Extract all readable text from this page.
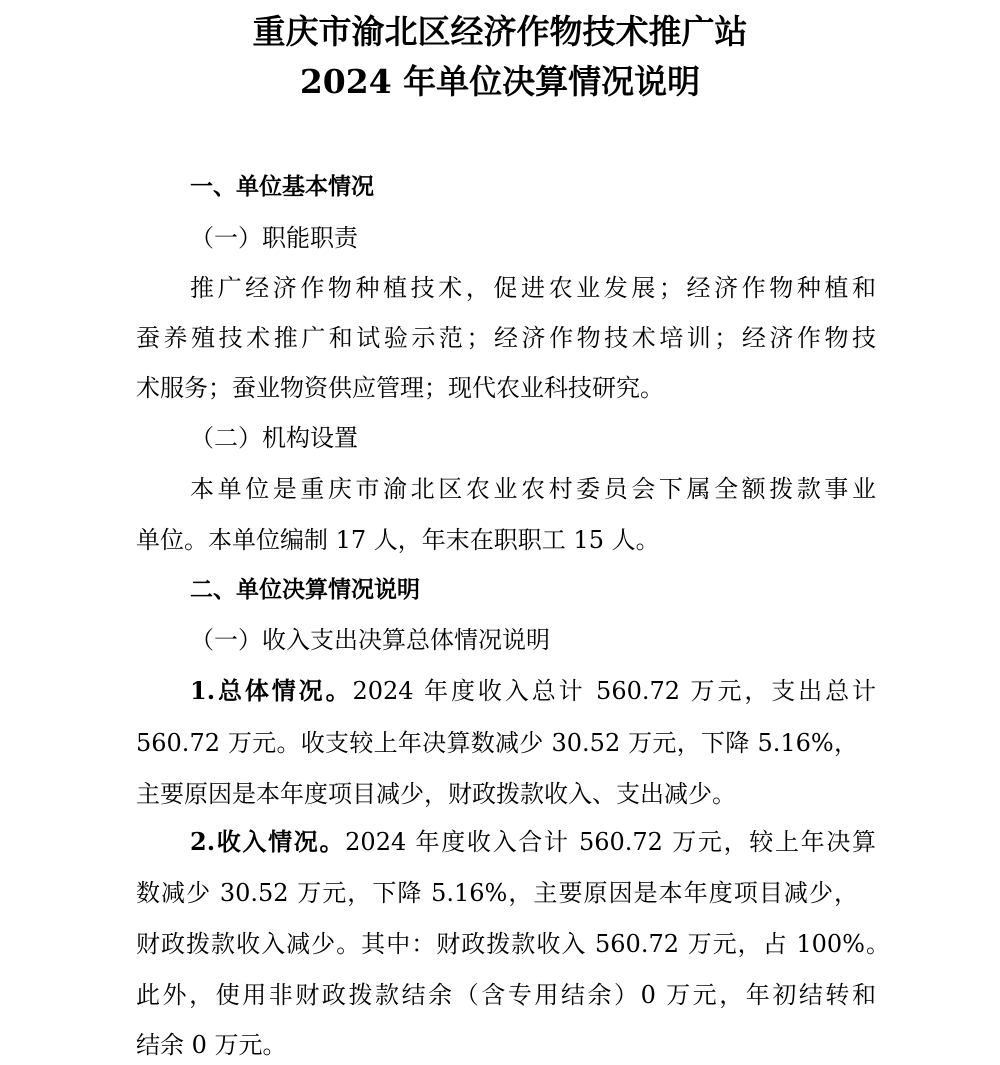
重庆市渝北区经济作物技术推广站
2024 年单位决算情况说明

一、单位基本情况

（一）职能职责

推广经济作物种植技术，促进农业发展；经济作物种植和

蚕养殖技术推广和试验示范；经济作物技术培训；经济作物技

术服务；蚕业物资供应管理；现代农业科技研究。

（二）机构设置

本单位是重庆市渝北区农业农村委员会下属全额拨款事业

单位。本单位编制 17 人，年末在职职工 15 人。

二、单位决算情况说明

（一）收入支出决算总体情况说明

1.总体情况。2024 年度收入总计 560.72 万元，支出总计

560.72 万元。收支较上年决算数减少 30.52 万元，下降 5.16%，

主要原因是本年度项目减少，财政拨款收入、支出减少。

2.收入情况。2024 年度收入合计 560.72 万元，较上年决算

数减少 30.52 万元，下降 5.16%，主要原因是本年度项目减少，

财政拨款收入减少。其中：财政拨款收入 560.72 万元，占 100%。

此外，使用非财政拨款结余（含专用结余）0 万元，年初结转和

结余 0 万元。
